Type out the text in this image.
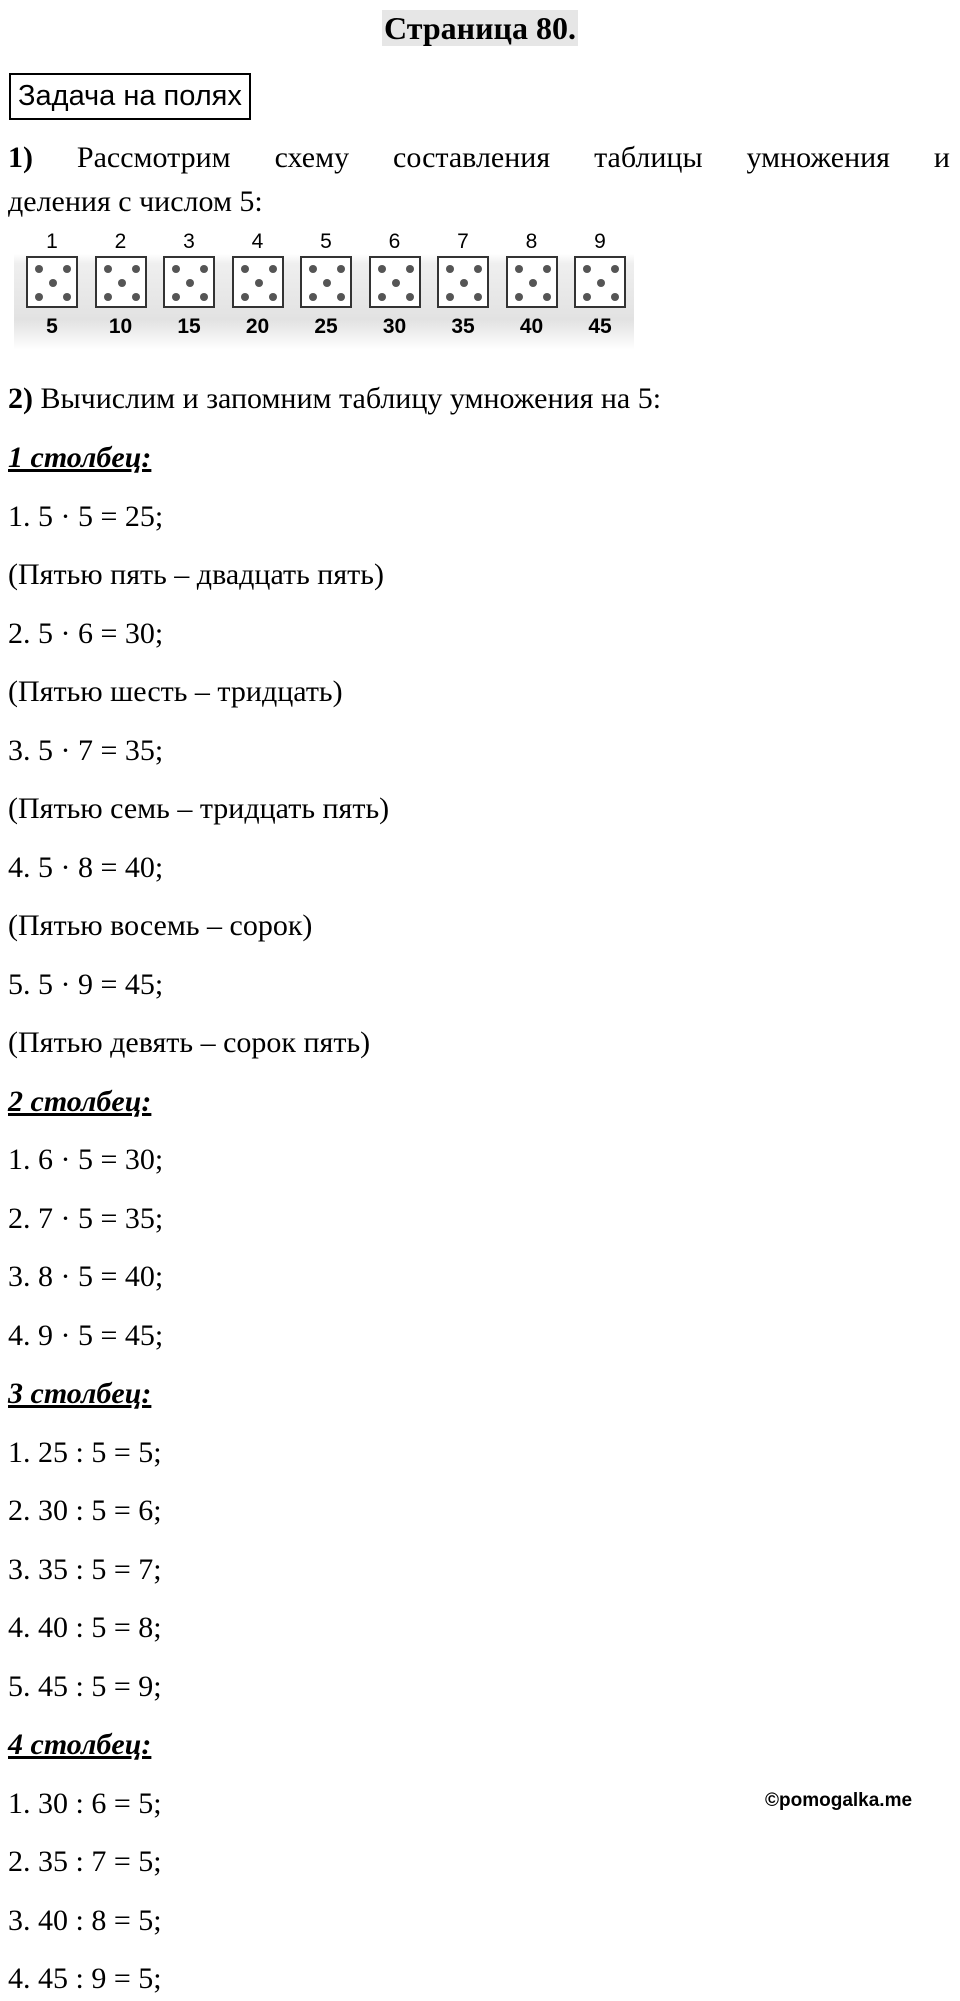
Страница 80.
Задача на полях
1) Рассмотрим схему составления таблицы умножения и
деления с числом 5:
1
5
2
10
3
15
4
20
5
25
6
30
7
35
8
40
9
45
2) Вычислим и запомним таблицу умножения на 5:
1 столбец:
1. 5 · 5 = 25;
(Пятью пять – двадцать пять)
2. 5 · 6 = 30;
(Пятью шесть – тридцать)
3. 5 · 7 = 35;
(Пятью семь – тридцать пять)
4. 5 · 8 = 40;
(Пятью восемь – сорок)
5. 5 · 9 = 45;
(Пятью девять – сорок пять)
2 столбец:
1. 6 · 5 = 30;
2. 7 · 5 = 35;
3. 8 · 5 = 40;
4. 9 · 5 = 45;
3 столбец:
1. 25 : 5 = 5;
2. 30 : 5 = 6;
3. 35 : 5 = 7;
4. 40 : 5 = 8;
5. 45 : 5 = 9;
4 столбец:
1. 30 : 6 = 5;
2. 35 : 7 = 5;
3. 40 : 8 = 5;
4. 45 : 9 = 5;
©pomogalka.me
